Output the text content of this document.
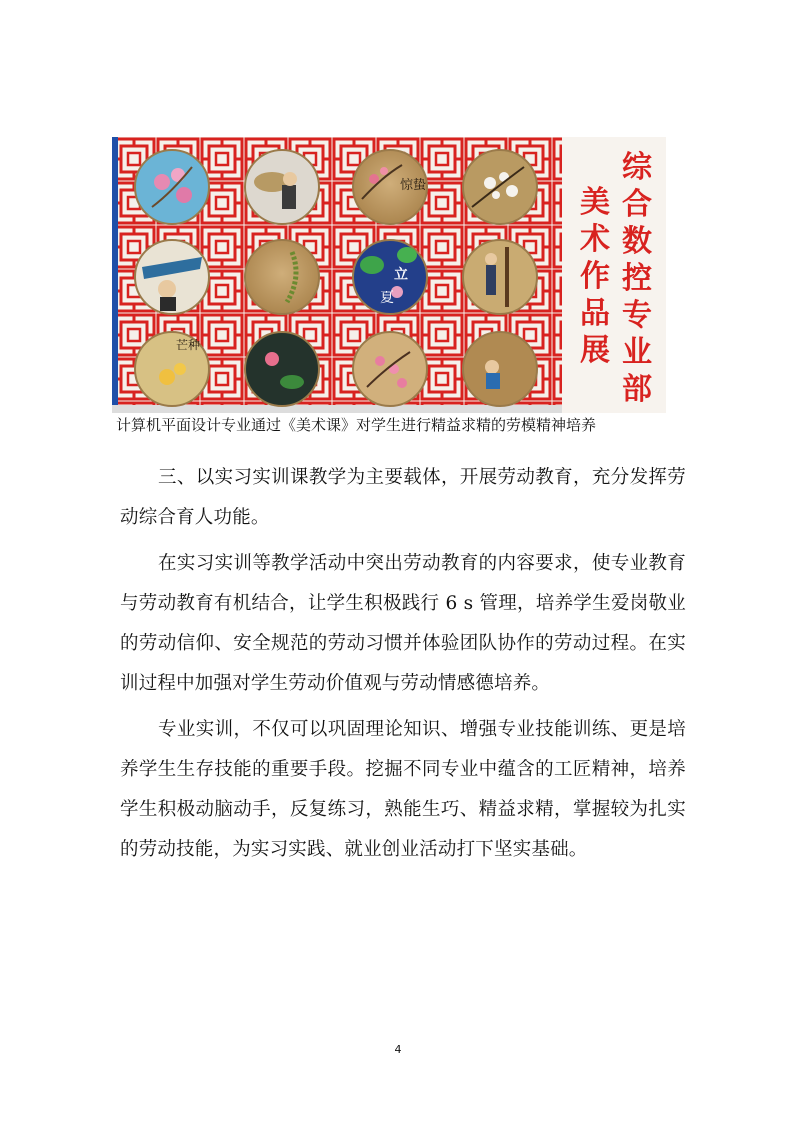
惊蛰
立
夏
芒种
综
合
数
控
专
业
部
美
术
作
品
展
计算机平面设计专业通过《美术课》对学生进行精益求精的劳模精神培养

三、以实习实训课教学为主要载体，开展劳动教育，充分发挥劳动综合育人功能。

在实习实训等教学活动中突出劳动教育的内容要求，使专业教育与劳动教育有机结合，让学生积极践行 6 s 管理，培养学生爱岗敬业的劳动信仰、安全规范的劳动习惯并体验团队协作的劳动过程。在实训过程中加强对学生劳动价值观与劳动情感德培养。

专业实训，不仅可以巩固理论知识、增强专业技能训练、更是培养学生生存技能的重要手段。挖掘不同专业中蕴含的工匠精神，培养学生积极动脑动手，反复练习，熟能生巧、精益求精，掌握较为扎实的劳动技能，为实习实践、就业创业活动打下坚实基础。

4
